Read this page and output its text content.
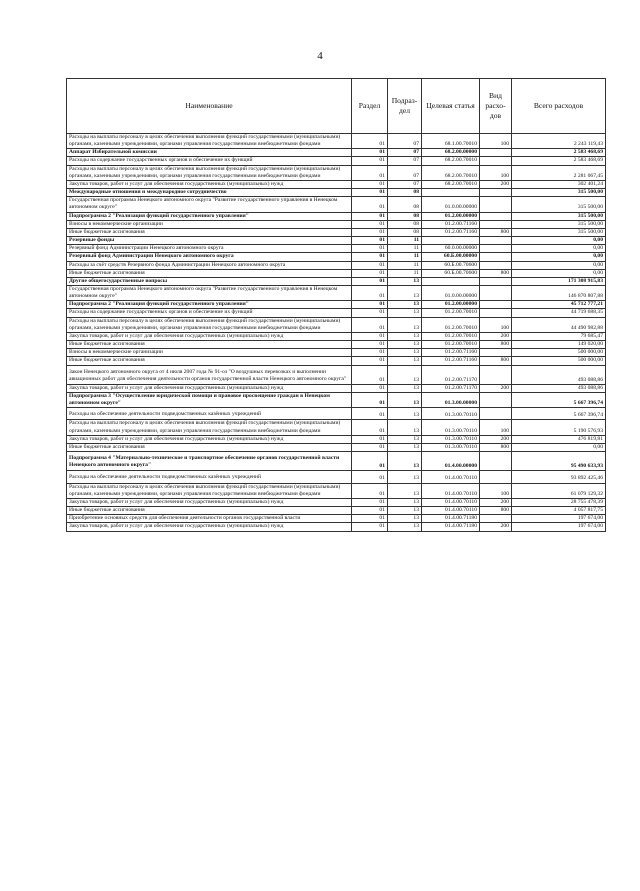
4
Наименование	Раздел	Подраз-дел	Целевая статья	Вид расхо-дов	Всего расходов
Расходы на выплаты персоналу в целях обеспечения выполнения функций государственными (муниципальными) органами, казенными учреждениями, органами управления государственными внебюджетными фондами	01	07	68.1.00.70010	100	2 243 119,43
Аппарат Избирательной комиссии	01	07	68.2.00.00000		2 583 468,69
Расходы на содержание государственных органов и обеспечение их функций	01	07	68.2.00.70010		2 583 468,69
Расходы на выплаты персоналу в целях обеспечения выполнения функций государственными (муниципальными) органами, казенными учреждениями, органами управления государственными внебюджетными фондами	01	07	68.2.00.70010	100	2 281 067,45
Закупка товаров, работ и услуг для обеспечения государственных (муниципальных) нужд	01	07	68.2.00.70010	200	302 401,24
Международные отношения и международное сотрудничество	01	08			315 500,00
Государственная программа Ненецкого автономного округа "Развитие государственного управления в Ненецком автономном округе"	01	08	01.0.00.00000		315 500,00
Подпрограмма 2 "Реализация функций государственного управления"	01	08	01.2.00.00000		315 500,00
Взносы в некоммерческие организации	01	08	01.2.00.71160		315 500,00
Иные бюджетные ассигнования	01	08	01.2.00.71160	800	315 500,00
Резервные фонды	01	11			0,00
Резервный фонд Администрации Ненецкого автономного округа	01	11	60.0.00.00000		0,00
Резервный фонд Администрации Ненецкого автономного округа	01	11	60.Б.00.00000		0,00
Расходы за счёт средств Резервного фонда Администрации Ненецкого автономного округа	01	11	60.Б.00.70600		0,00
Иные бюджетные ассигнования	01	11	60.Б.00.70600	800	0,00
Другие общегосударственные вопросы	01	13			171 308 915,83
Государственная программа Ненецкого автономного округа "Развитие государственного управления в Ненецком автономном округе"	01	13	01.0.00.00000		146 870 807,88
Подпрограмма 2 "Реализация функций государственного управления"	01	13	01.2.00.00000		45 712 777,21
Расходы на содержание государственных органов и обеспечение их функций	01	13	01.2.00.70010		44 719 688,35
Расходы на выплаты персоналу в целях обеспечения выполнения функций государственными (муниципальными) органами, казенными учреждениями, органами управления государственными внебюджетными фондами	01	13	01.2.00.70010	100	44 490 982,88
Закупка товаров, работ и услуг для обеспечения государственных (муниципальных) нужд	01	13	01.2.00.70010	200	79 685,47
Иные бюджетные ассигнования	01	13	01.2.00.70010	800	149 020,00
Взносы в некоммерческие организации	01	13	01.2.00.71160		500 000,00
Иные бюджетные ассигнования	01	13	01.2.00.71160	800	500 000,00
Закон Ненецкого автономного округа от 4 июля 2007 года № 91-оз "О воздушных перевозках и выполнении авиационных работ для обеспечения деятельности органов государственной власти Ненецкого автономного округа"	01	13	01.2.00.71170		493 088,86
Закупка товаров, работ и услуг для обеспечения государственных (муниципальных) нужд	01	13	01.2.00.71170	200	493 088,86
Подпрограмма 3 "Осуществление юридической помощи и правовое просвещение граждан в Ненецком автономном округе"	01	13	01.3.00.00000		5 667 396,74
Расходы на обеспечение деятельности подведомственных казённых учреждений	01	13	01.3.00.70110		5 667 396,74
Расходы на выплаты персоналу в целях обеспечения выполнения функций государственными (муниципальными) органами, казенными учреждениями, органами управления государственными внебюджетными фондами	01	13	01.3.00.70110	100	5 190 576,93
Закупка товаров, работ и услуг для обеспечения государственных (муниципальных) нужд	01	13	01.3.00.70110	200	476 819,81
Иные бюджетные ассигнования	01	13	01.3.00.70110	800	0,00
Подпрограмма 4 "Материально-техническое и транспортное обеспечение органов государственной власти Ненецкого автономного округа"	01	13	01.4.00.00000		95 490 633,93
Расходы на обеспечение деятельности подведомственных казённых учреждений	01	13	01.4.00.70110		93 892 425,46
Расходы на выплаты персоналу в целях обеспечения выполнения функций государственными (муниципальными) органами, казенными учреждениями, органами управления государственными внебюджетными фондами	01	13	01.4.00.70110	100	61 079 129,32
Закупка товаров, работ и услуг для обеспечения государственных (муниципальных) нужд	01	13	01.4.00.70110	200	28 755 478,39
Иные бюджетные ассигнования	01	13	01.4.00.70110	800	4 057 817,75
Приобретение основных средств для обеспечения деятельности органов государственной власти	01	13	01.4.00.71180		197 674,00
Закупка товаров, работ и услуг для обеспечения государственных (муниципальных) нужд	01	13	01.4.00.71180	200	197 674,00
